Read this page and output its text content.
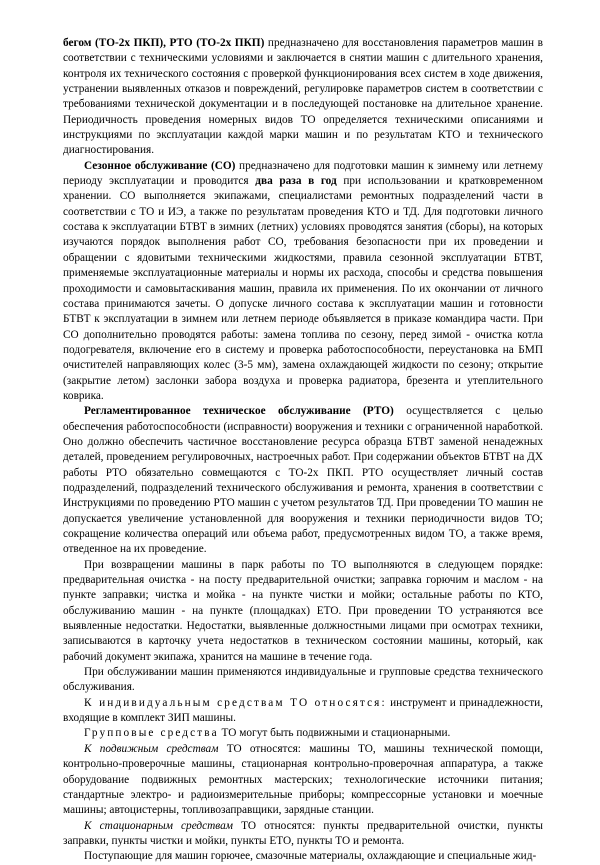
бегом (ТО-2х ПКП), РТО (ТО-2х ПКП) предназначено для восстановления параметров машин в соответствии с техническими условиями и заключается в снятии машин с длительного хранения, контроля их технического состояния с проверкой функционирования всех систем в ходе движения, устранении выявленных отказов и повреждений, регулировке параметров систем в соответствии с требованиями технической документации и в последующей постановке на длительное хранение. Периодичность проведения номерных видов ТО определяется техническими описаниями и инструкциями по эксплуатации каждой марки машин и по результатам КТО и технического диагностирования.

Сезонное обслуживание (СО) предназначено для подготовки машин к зимнему или летнему периоду эксплуатации и проводится два раза в год при использовании и кратковременном хранении. СО выполняется экипажами, специалистами ремонтных подразделений части в соответствии с ТО и ИЭ, а также по результатам проведения КТО и ТД. Для подготовки личного состава к эксплуатации БТВТ в зимних (летних) условиях проводятся занятия (сборы), на которых изучаются порядок выполнения работ СО, требования безопасности при их проведении и обращении с ядовитыми техническими жидкостями, правила сезонной эксплуатации БТВТ, применяемые эксплуатационные материалы и нормы их расхода, способы и средства повышения проходимости и самовытаскивания машин, правила их применения. По их окончании от личного состава принимаются зачеты. О допуске личного состава к эксплуатации машин и готовности БТВТ к эксплуатации в зимнем или летнем периоде объявляется в приказе командира части. При СО дополнительно проводятся работы: замена топлива по сезону, перед зимой - очистка котла подогревателя, включение его в систему и проверка работоспособности, переустановка на БМП очистителей направляющих колес (3-5 мм), замена охлаждающей жидкости по сезону; открытие (закрытие летом) заслонки забора воздуха и проверка радиатора, брезента и утеплительного коврика.

Регламентированное техническое обслуживание (РТО) осуществляется с целью обеспечения работоспособности (исправности) вооружения и техники с ограниченной наработкой. Оно должно обеспечить частичное восстановление ресурса образца БТВТ заменой ненадежных деталей, проведением регулировочных, настроечных работ. При содержании объектов БТВТ на ДХ работы РТО обязательно совмещаются с ТО-2х ПКП. РТО осуществляет личный состав подразделений, подразделений технического обслуживания и ремонта, хранения в соответствии с Инструкциями по проведению РТО машин с учетом результатов ТД. При проведении ТО машин не допускается увеличение установленной для вооружения и техники периодичности видов ТО; сокращение количества операций или объема работ, предусмотренных видом ТО, а также время, отведенное на их проведение.

При возвращении машины в парк работы по ТО выполняются в следующем порядке: предварительная очистка - на посту предварительной очистки; заправка горючим и маслом - на пункте заправки; чистка и мойка - на пункте чистки и мойки; остальные работы по КТО, обслуживанию машин - на пункте (площадках) ЕТО. При проведении ТО устраняются все выявленные недостатки. Недостатки, выявленные должностными лицами при осмотрах техники, записываются в карточку учета недостатков в техническом состоянии машины, который, как рабочий документ экипажа, хранится на машине в течение года.

При обслуживании машин применяются индивидуальные и групповые средства технического обслуживания.

К индивидуальным средствам ТО относятся: инструмент и принадлежности, входящие в комплект ЗИП машины.

Групповые средства ТО могут быть подвижными и стационарными.

К подвижным средствам ТО относятся: машины ТО, машины технической помощи, контрольно-проверочные машины, стационарная контрольно-проверочная аппаратура, а также оборудование подвижных ремонтных мастерских; технологические источники питания; стандартные электро- и радиоизмерительные приборы; компрессорные установки и моечные машины; автоцистерны, топливозаправщики, зарядные станции.

К стационарным средствам ТО относятся: пункты предварительной очистки, пункты заправки, пункты чистки и мойки, пункты ЕТО, пункты ТО и ремонта.

Поступающие для машин горючее, смазочные материалы, охлаждающие и специальные жид-
